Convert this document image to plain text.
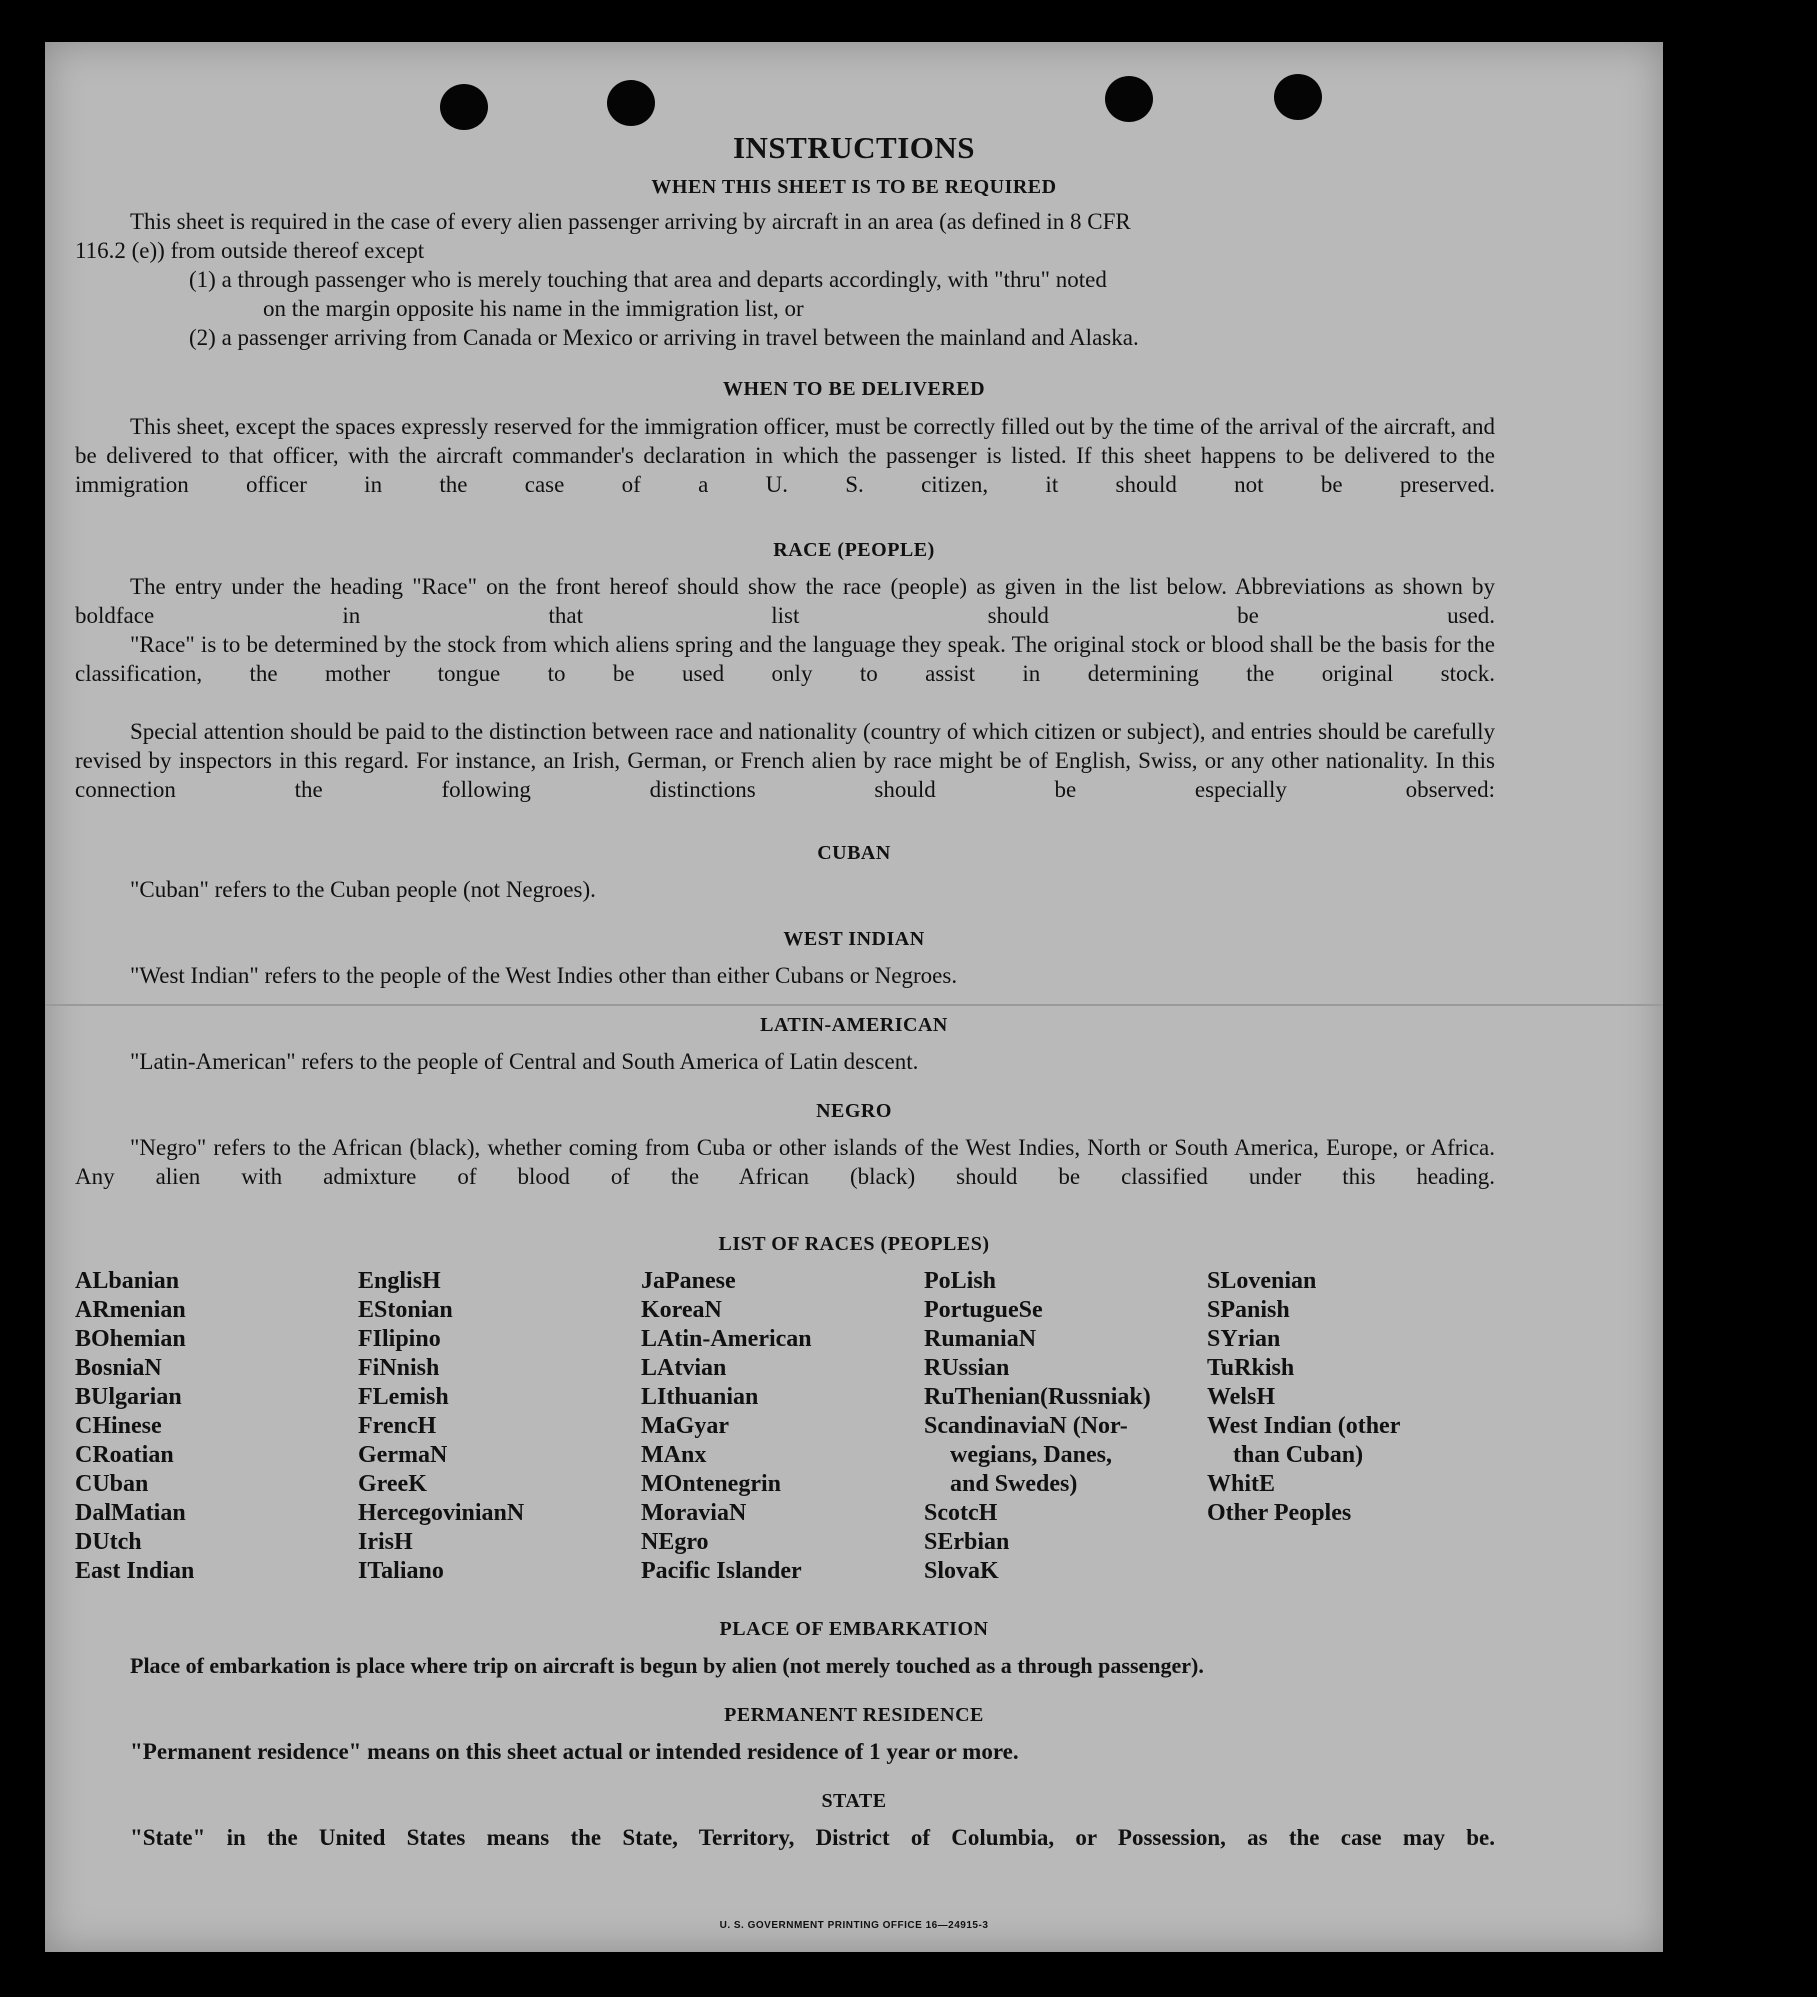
INSTRUCTIONS
WHEN THIS SHEET IS TO BE REQUIRED
This sheet is required in the case of every alien passenger arriving by aircraft in an area (as defined in 8 CFR
116.2 (e)) from outside thereof except
(1) a through passenger who is merely touching that area and departs accordingly, with "thru" noted
on the margin opposite his name in the immigration list, or
(2) a passenger arriving from Canada or Mexico or arriving in travel between the mainland and Alaska.
WHEN TO BE DELIVERED
This sheet, except the spaces expressly reserved for the immigration officer, must be correctly filled out by the time of the arrival of the aircraft, and be delivered to that officer, with the aircraft commander's declaration in which the passenger is listed. If this sheet happens to be delivered to the immigration officer in the case of a U. S. citizen, it should not be preserved.
RACE (PEOPLE)
The entry under the heading "Race" on the front hereof should show the race (people) as given in the list below. Abbreviations as shown by boldface in that list should be used.
"Race" is to be determined by the stock from which aliens spring and the language they speak. The original stock or blood shall be the basis for the classification, the mother tongue to be used only to assist in determining the original stock.
Special attention should be paid to the distinction between race and nationality (country of which citizen or subject), and entries should be carefully revised by inspectors in this regard. For instance, an Irish, German, or French alien by race might be of English, Swiss, or any other nationality. In this connection the following distinctions should be especially observed:
CUBAN
"Cuban" refers to the Cuban people (not Negroes).
WEST INDIAN
"West Indian" refers to the people of the West Indies other than either Cubans or Negroes.
LATIN-AMERICAN
"Latin-American" refers to the people of Central and South America of Latin descent.
NEGRO
"Negro" refers to the African (black), whether coming from Cuba or other islands of the West Indies, North or South America, Europe, or Africa. Any alien with admixture of blood of the African (black) should be classified under this heading.
LIST OF RACES (PEOPLES)
ALbanian
ARmenian
BOhemian
BosniaN
BUlgarian
CHinese
CRoatian
CUban
DalMatian
DUtch
East Indian
EnglisH
EStonian
FIlipino
FiNnish
FLemish
FrencH
GermaN
GreeK
HercegovinianN
IrisH
ITaliano
JaPanese
KoreaN
LAtin-American
LAtvian
LIthuanian
MaGyar
MAnx
MOntenegrin
MoraviaN
NEgro
Pacific Islander
PoLish
PortugueSe
RumaniaN
RUssian
RuThenian(Russniak)
ScandinaviaN (Nor-
wegians, Danes,
and Swedes)
ScotcH
SErbian
SlovaK
SLovenian
SPanish
SYrian
TuRkish
WelsH
West Indian (other
than Cuban)
WhitE
Other Peoples
PLACE OF EMBARKATION
Place of embarkation is place where trip on aircraft is begun by alien (not merely touched as a through passenger).
PERMANENT RESIDENCE
"Permanent residence" means on this sheet actual or intended residence of 1 year or more.
STATE
"State" in the United States means the State, Territory, District of Columbia, or Possession, as the case may be.
U. S. GOVERNMENT PRINTING OFFICE 16—24915-3
